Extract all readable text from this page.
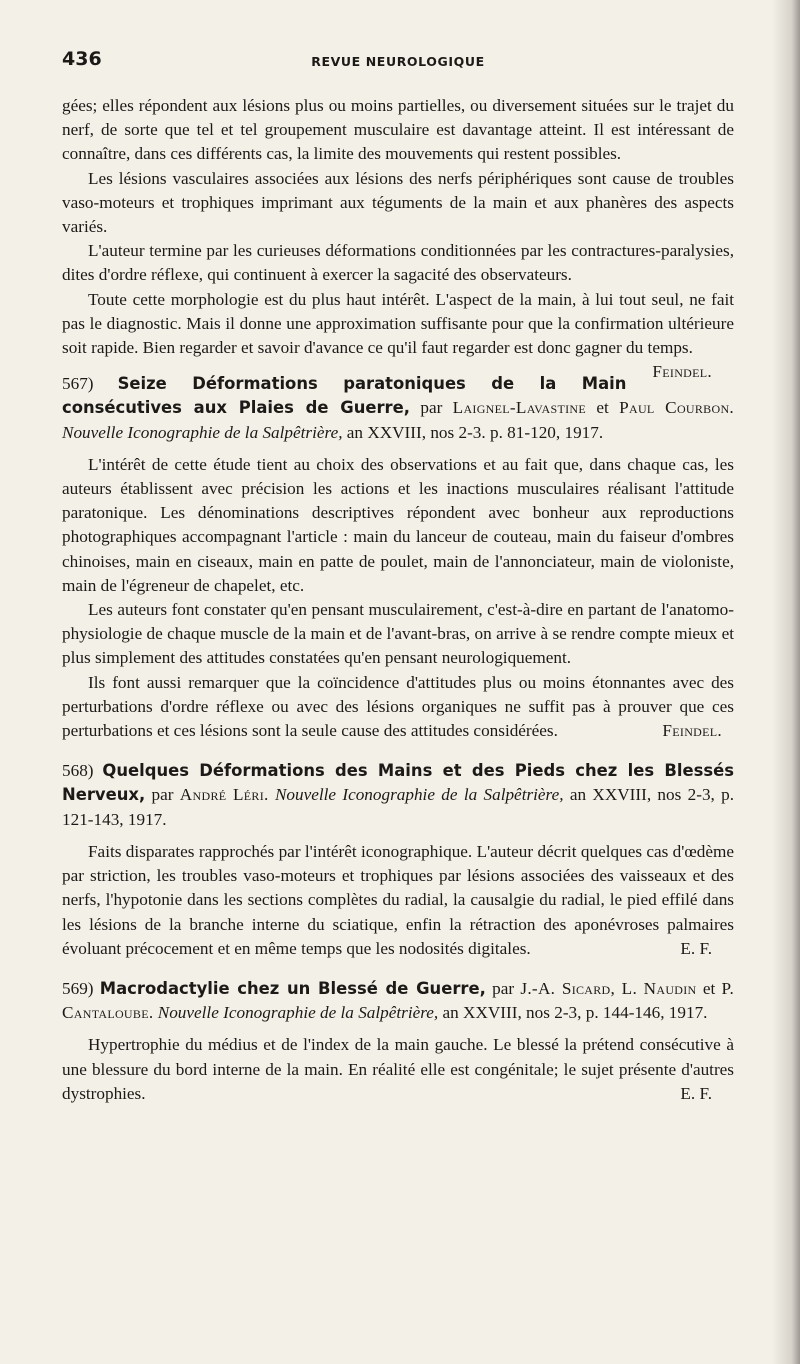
436	REVUE NEUROLOGIQUE

gées; elles répondent aux lésions plus ou moins partielles, ou diversement situées sur le trajet du nerf, de sorte que tel et tel groupement musculaire est davantage atteint. Il est intéressant de connaître, dans ces différents cas, la limite des mouvements qui restent possibles.

Les lésions vasculaires associées aux lésions des nerfs périphériques sont cause de troubles vaso-moteurs et trophiques imprimant aux téguments de la main et aux phanères des aspects variés.

L'auteur termine par les curieuses déformations conditionnées par les contractures-paralysies, dites d'ordre réflexe, qui continuent à exercer la sagacité des observateurs.

Toute cette morphologie est du plus haut intérêt. L'aspect de la main, à lui tout seul, ne fait pas le diagnostic. Mais il donne une approximation suffisante pour que la confirmation ultérieure soit rapide. Bien regarder et savoir d'avance ce qu'il faut regarder est donc gagner du temps.
Feindel.

567) Seize Déformations paratoniques de la Main consécutives aux Plaies de Guerre, par Laignel-Lavastine et Paul Courbon. Nouvelle Iconographie de la Salpêtrière, an XXVIII, nos 2-3. p. 81-120, 1917.

L'intérêt de cette étude tient au choix des observations et au fait que, dans chaque cas, les auteurs établissent avec précision les actions et les inactions musculaires réalisant l'attitude paratonique. Les dénominations descriptives répondent avec bonheur aux reproductions photographiques accompagnant l'article : main du lanceur de couteau, main du faiseur d'ombres chinoises, main en ciseaux, main en patte de poulet, main de l'annonciateur, main de violoniste, main de l'égreneur de chapelet, etc.

Les auteurs font constater qu'en pensant musculairement, c'est-à-dire en partant de l'anatomo-physiologie de chaque muscle de la main et de l'avant-bras, on arrive à se rendre compte mieux et plus simplement des attitudes constatées qu'en pensant neurologiquement.

Ils font aussi remarquer que la coïncidence d'attitudes plus ou moins étonnantes avec des perturbations d'ordre réflexe ou avec des lésions organiques ne suffit pas à prouver que ces perturbations et ces lésions sont la seule cause des attitudes considérées.	Feindel.

568) Quelques Déformations des Mains et des Pieds chez les Blessés Nerveux, par André Léri. Nouvelle Iconographie de la Salpêtrière, an XXVIII, nos 2-3, p. 121-143, 1917.

Faits disparates rapprochés par l'intérêt iconographique. L'auteur décrit quelques cas d'œdème par striction, les troubles vaso-moteurs et trophiques par lésions associées des vaisseaux et des nerfs, l'hypotonie dans les sections complètes du radial, la causalgie du radial, le pied effilé dans les lésions de la branche interne du sciatique, enfin la rétraction des aponévroses palmaires évoluant précocement et en même temps que les nodosités digitales.	E. F.

569) Macrodactylie chez un Blessé de Guerre, par J.-A. Sicard, L. Naudin et P. Cantaloube. Nouvelle Iconographie de la Salpêtrière, an XXVIII, nos 2-3, p. 144-146, 1917.

Hypertrophie du médius et de l'index de la main gauche. Le blessé la prétend consécutive à une blessure du bord interne de la main. En réalité elle est congénitale; le sujet présente d'autres dystrophies.	E. F.
